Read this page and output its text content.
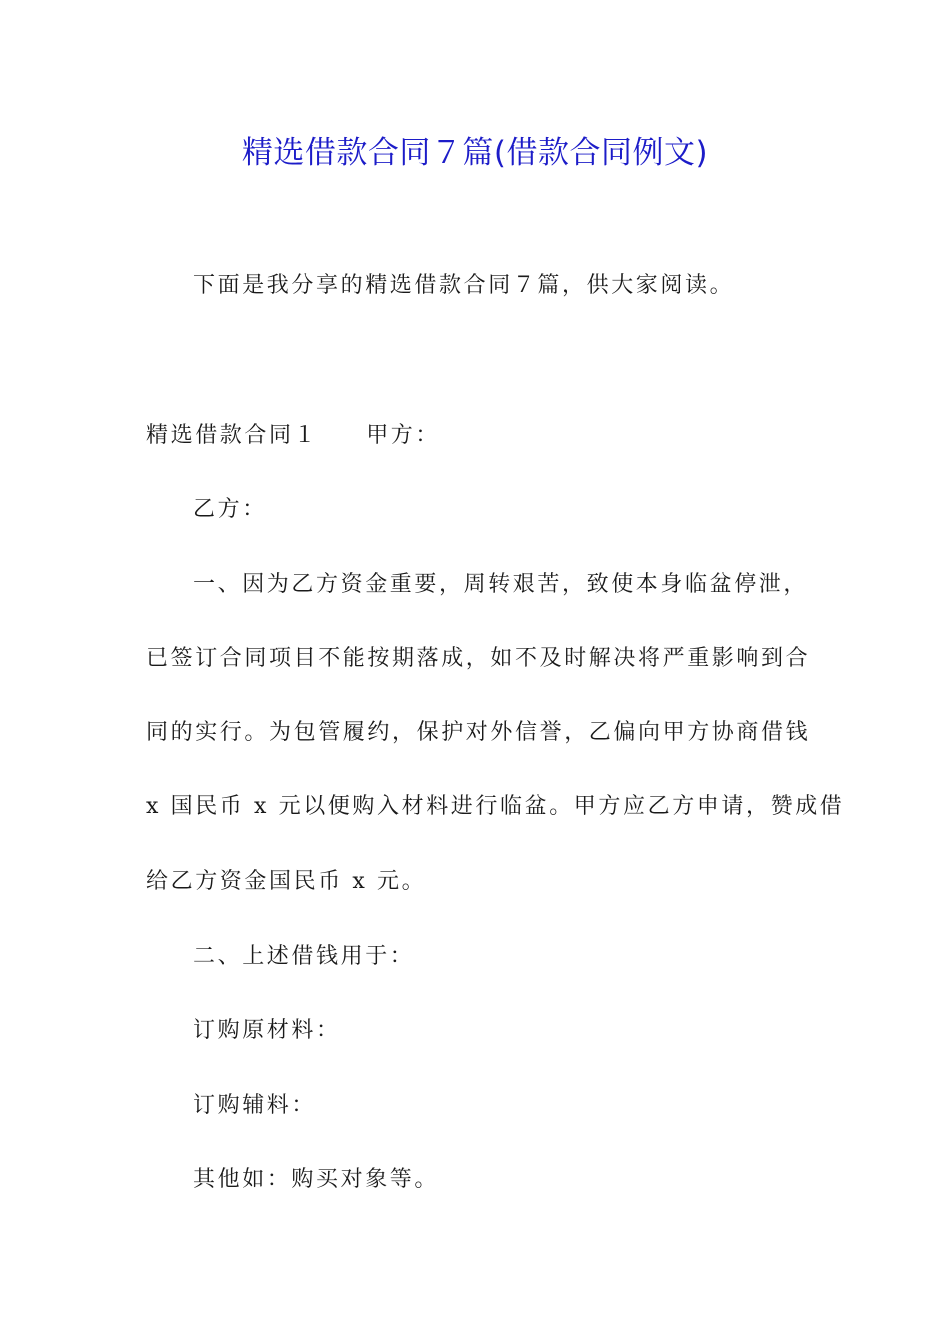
精选借款合同７篇(借款合同例文)
下面是我分享的精选借款合同７篇，供大家阅读。
精选借款合同１ 甲方：
乙方：
一、因为乙方资金重要，周转艰苦，致使本身临盆停泄，
已签订合同项目不能按期落成，如不及时解决将严重影响到合
同的实行。为包管履约，保护对外信誉，乙偏向甲方协商借钱
x 国民币 x 元以便购入材料进行临盆。甲方应乙方申请，赞成借
给乙方资金国民币 x 元。
二、上述借钱用于：
订购原材料：
订购辅料：
其他如：购买对象等。
